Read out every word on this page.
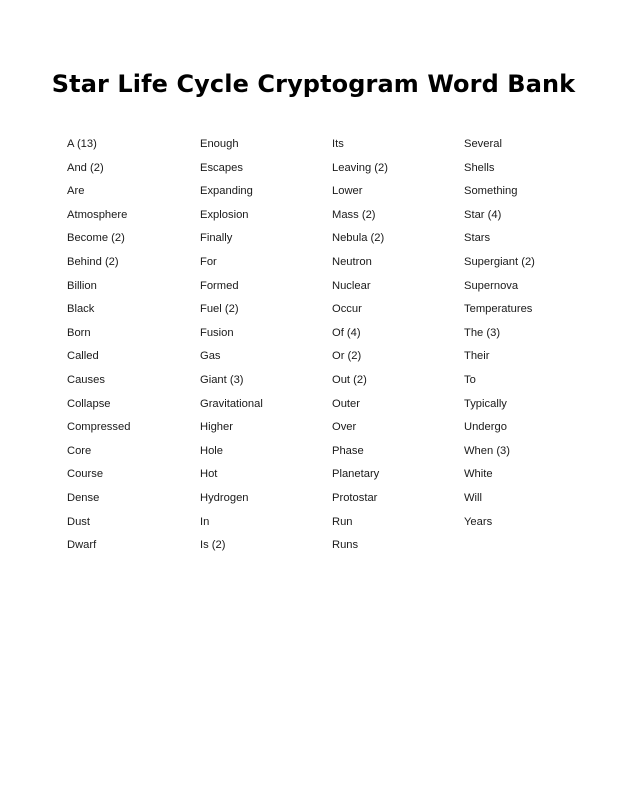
Star Life Cycle Cryptogram Word Bank
A (13)
And (2)
Are
Atmosphere
Become (2)
Behind (2)
Billion
Black
Born
Called
Causes
Collapse
Compressed
Core
Course
Dense
Dust
Dwarf
Enough
Escapes
Expanding
Explosion
Finally
For
Formed
Fuel (2)
Fusion
Gas
Giant (3)
Gravitational
Higher
Hole
Hot
Hydrogen
In
Is (2)
Its
Leaving (2)
Lower
Mass (2)
Nebula (2)
Neutron
Nuclear
Occur
Of (4)
Or (2)
Out (2)
Outer
Over
Phase
Planetary
Protostar
Run
Runs
Several
Shells
Something
Star (4)
Stars
Supergiant (2)
Supernova
Temperatures
The (3)
Their
To
Typically
Undergo
When (3)
White
Will
Years
